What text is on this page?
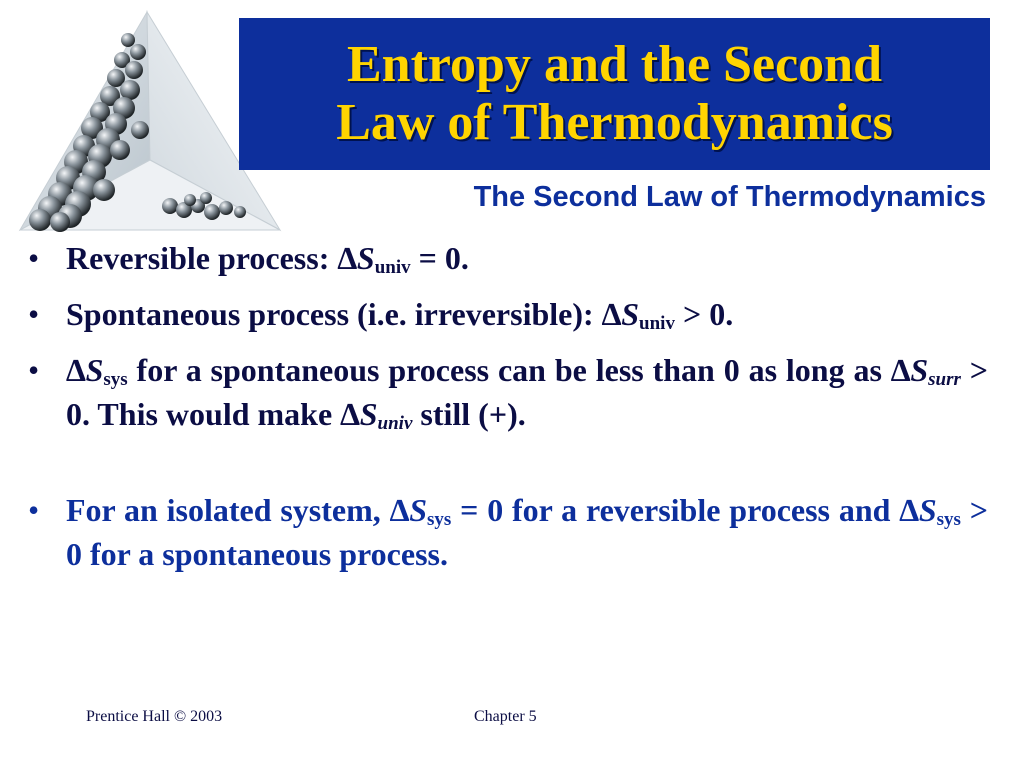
Entropy and the Second
Law of Thermodynamics
The Second Law of Thermodynamics
• Reversible process: $\Delta S_{univ} = 0$.
• Spontaneous process (i.e. irreversible): $\Delta S_{univ} > 0$.
• $\Delta S_{sys}$ for a spontaneous process can be less than 0 as long as $\Delta S_{surr} > 0$. This would make $\Delta S_{univ}$ still (+).
• For an isolated system, $\Delta S_{sys} = 0$ for a reversible process and $\Delta S_{sys} > 0$ for a spontaneous process.
Prentice Hall © 2003	Chapter 5
